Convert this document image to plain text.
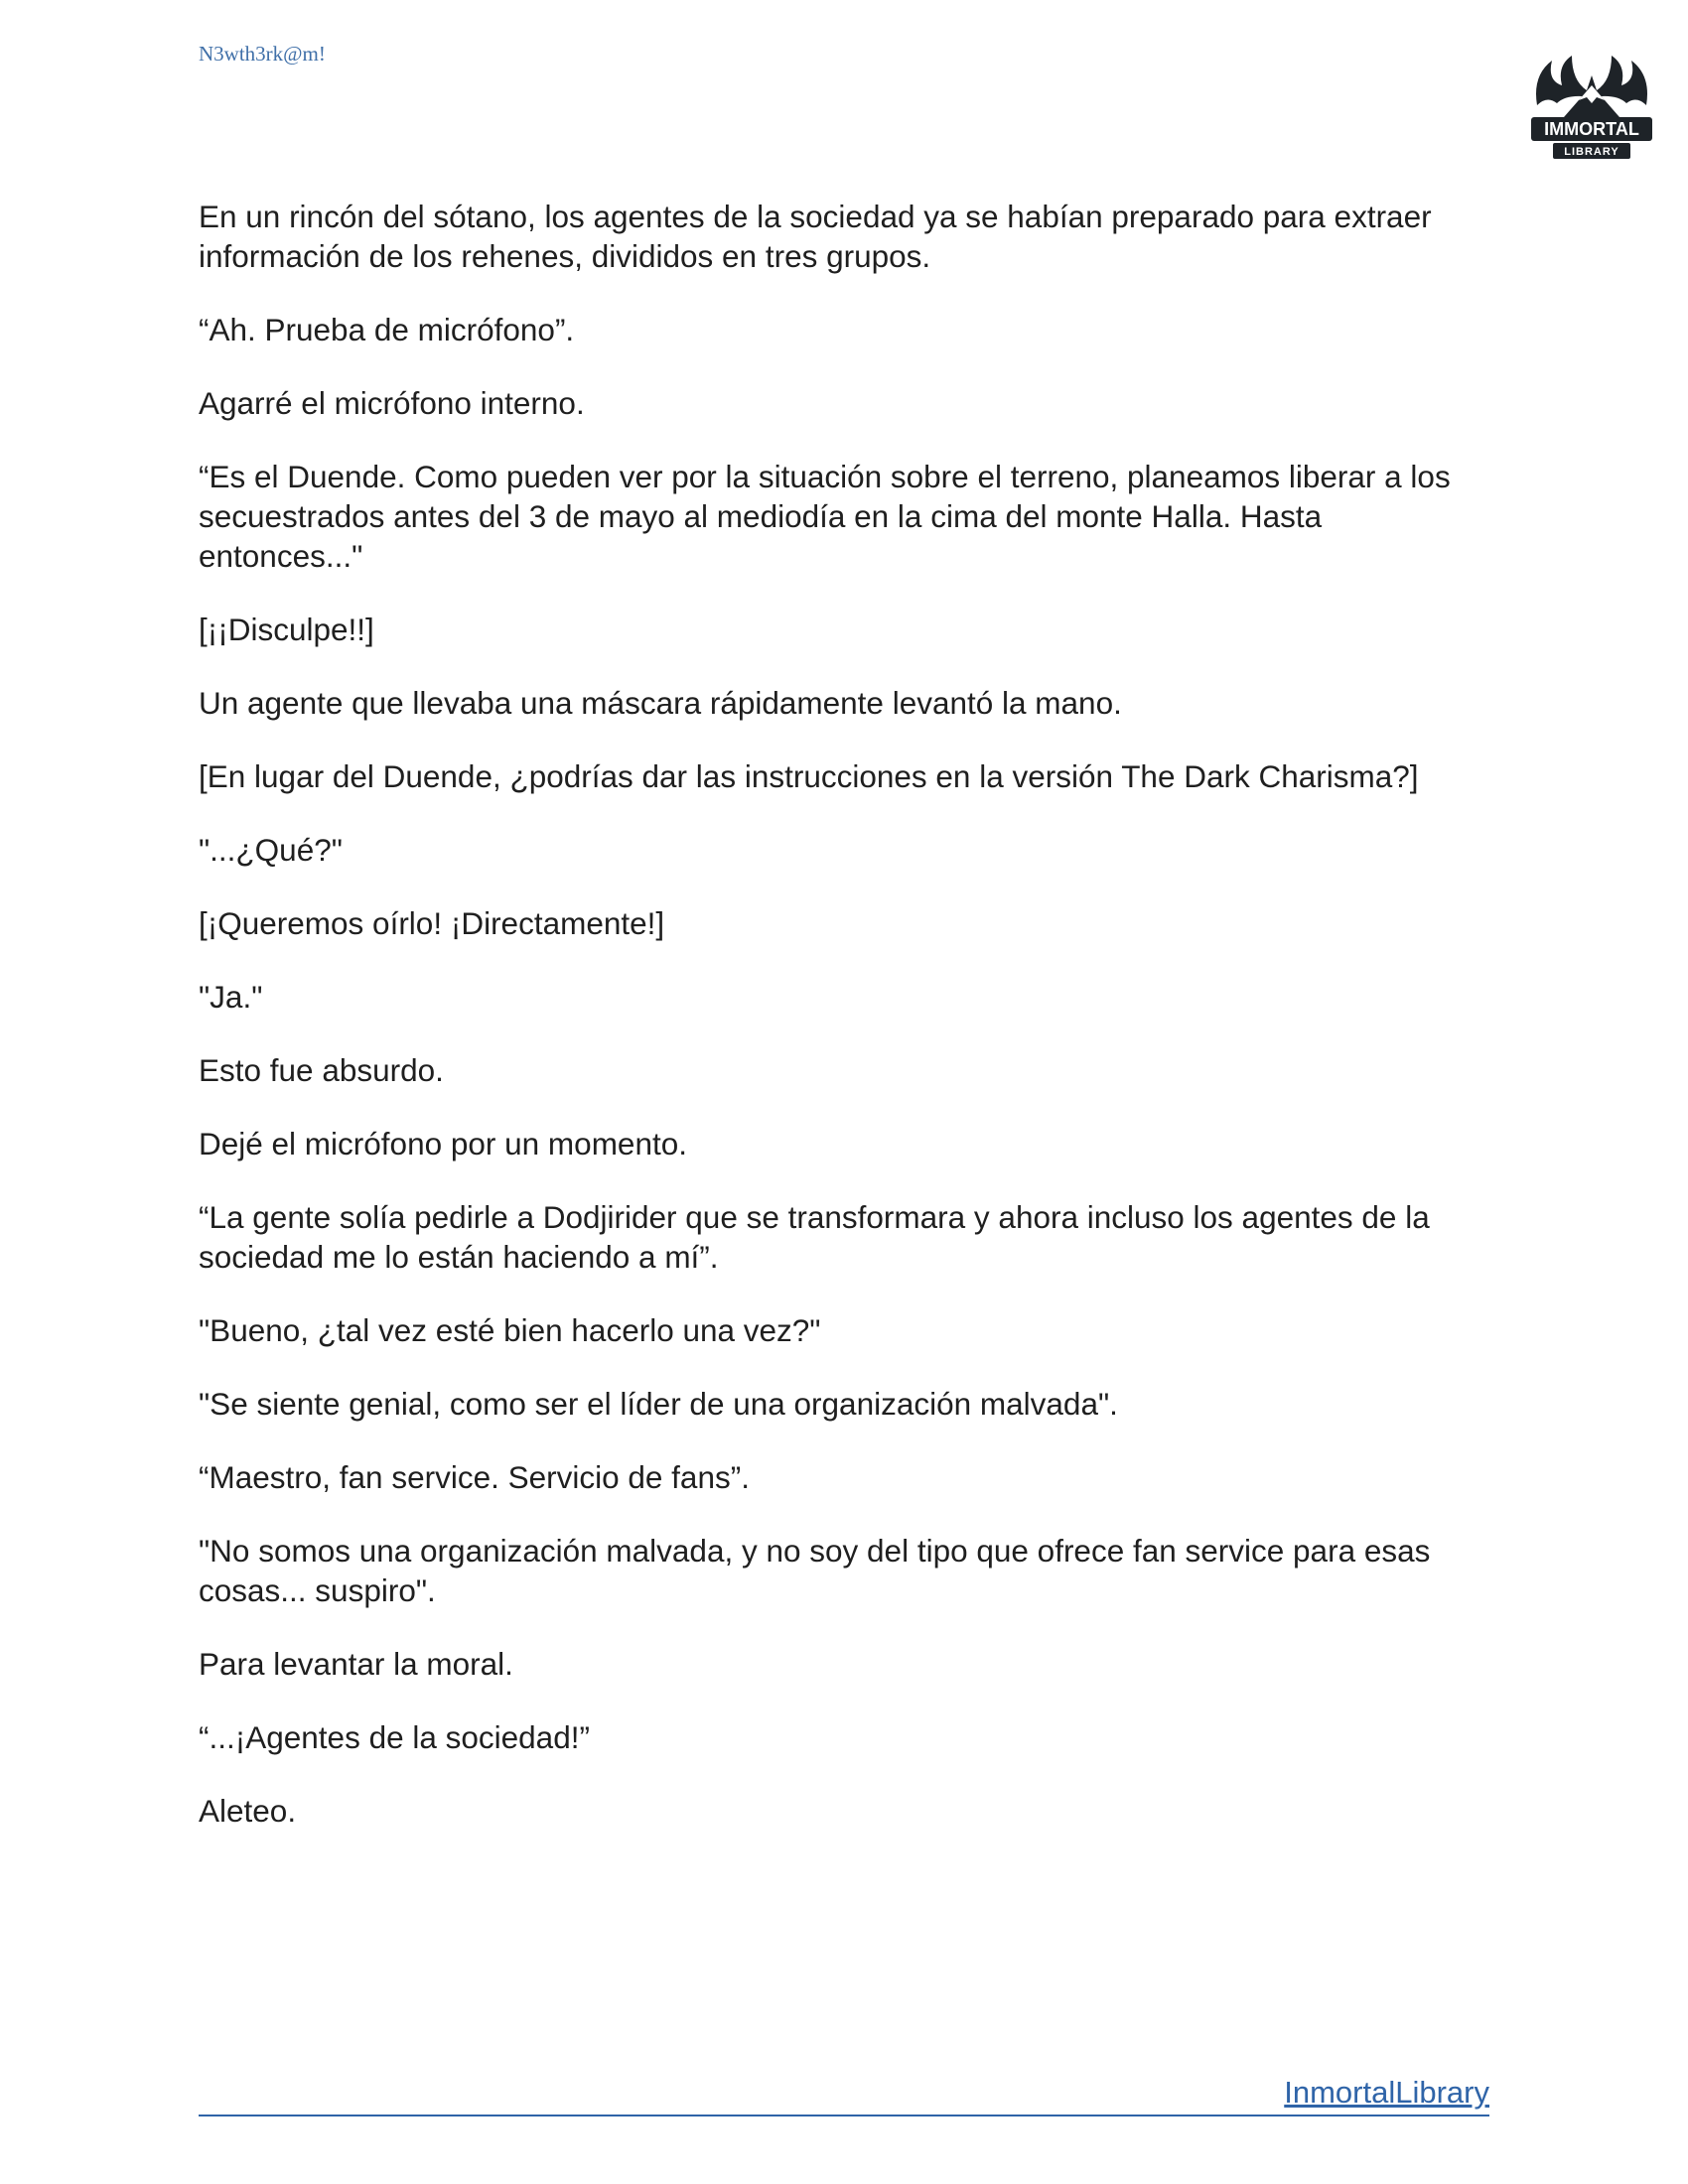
N3wth3rk@m!
IMMORTAL
LIBRARY

En un rincón del sótano, los agentes de la sociedad ya se habían preparado para extraer información de los rehenes, divididos en tres grupos.

“Ah. Prueba de micrófono”.

Agarré el micrófono interno.

“Es el Duende. Como pueden ver por la situación sobre el terreno, planeamos liberar a los secuestrados antes del 3 de mayo al mediodía en la cima del monte Halla. Hasta entonces..."

[¡¡Disculpe!!]

Un agente que llevaba una máscara rápidamente levantó la mano.

[En lugar del Duende, ¿podrías dar las instrucciones en la versión The Dark Charisma?]

"...¿Qué?"

[¡Queremos oírlo! ¡Directamente!]

"Ja."

Esto fue absurdo.

Dejé el micrófono por un momento.

“La gente solía pedirle a Dodjirider que se transformara y ahora incluso los agentes de la sociedad me lo están haciendo a mí”.

"Bueno, ¿tal vez esté bien hacerlo una vez?"

"Se siente genial, como ser el líder de una organización malvada".

“Maestro, fan service. Servicio de fans”.

"No somos una organización malvada, y no soy del tipo que ofrece fan service para esas cosas... suspiro".

Para levantar la moral.

“...¡Agentes de la sociedad!”

Aleteo.

InmortalLibrary
